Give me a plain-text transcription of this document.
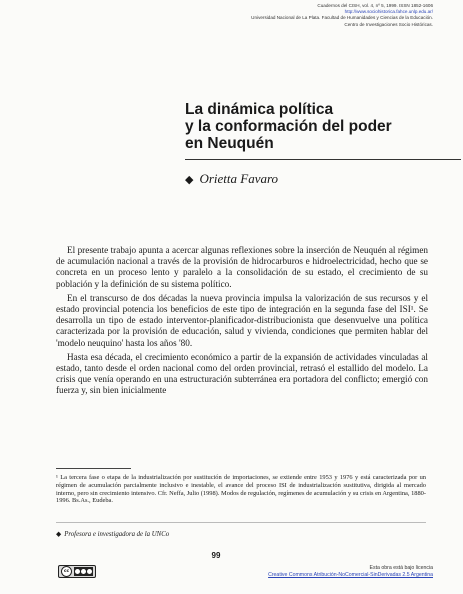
Cuadernos del CISH, vol. 4, nº 5, 1999. ISSN 1852-1606
http://www.sociohistorica.fahce.unlp.edu.ar/
Universidad Nacional de La Plata. Facultad de Humanidades y Ciencias de la Educación.
Centro de Investigaciones Socio Históricas.
La dinámica política
y la conformación del poder
en Neuquén
◆ Orietta Favaro

El presente trabajo apunta a acercar algunas reflexiones sobre la inserción de Neuquén al régimen de acumulación nacional a través de la provisión de hidrocarburos e hidroelectricidad, hecho que se concreta en un proceso lento y paralelo a la consolidación de su estado, el crecimiento de su población y la definición de su sistema político.

En el transcurso de dos décadas la nueva provincia impulsa la valorización de sus recursos y el estado provincial potencia los beneficios de este tipo de integración en la segunda fase del ISI¹. Se desarrolla un tipo de estado interventor-planificador-distribucionista que desenvuelve una política caracterizada por la provisión de educación, salud y vivienda, condiciones que permiten hablar del 'modelo neuquino' hasta los años '80.

Hasta esa década, el crecimiento económico a partir de la expansión de actividades vinculadas al estado, tanto desde el orden nacional como del orden provincial, retrasó el estallido del modelo. La crisis que venía operando en una estructuración subterránea era portadora del conflicto; emergió con fuerza y, sin bien inicialmente

¹ La tercera fase o etapa de la industrialización por sustitución de importaciones, se extiende entre 1953 y 1976 y está caracterizada por un régimen de acumulación parcialmente inclusivo e inestable, el avance del proceso ISI de industrialización sustitutiva, dirigida al mercado interno, pero sin crecimiento intensivo. Cfr. Neffa, Julio (1998). Modos de regulación, regímenes de acumulación y su crisis en Argentina, 1880-1996. Bs.As., Eudeba.
◆ Profesora e investigadora de la UNCo
99
cc
Esta obra está bajo licencia
Creative Commons Atribución-NoComercial-SinDerivadas 2.5 Argentina
